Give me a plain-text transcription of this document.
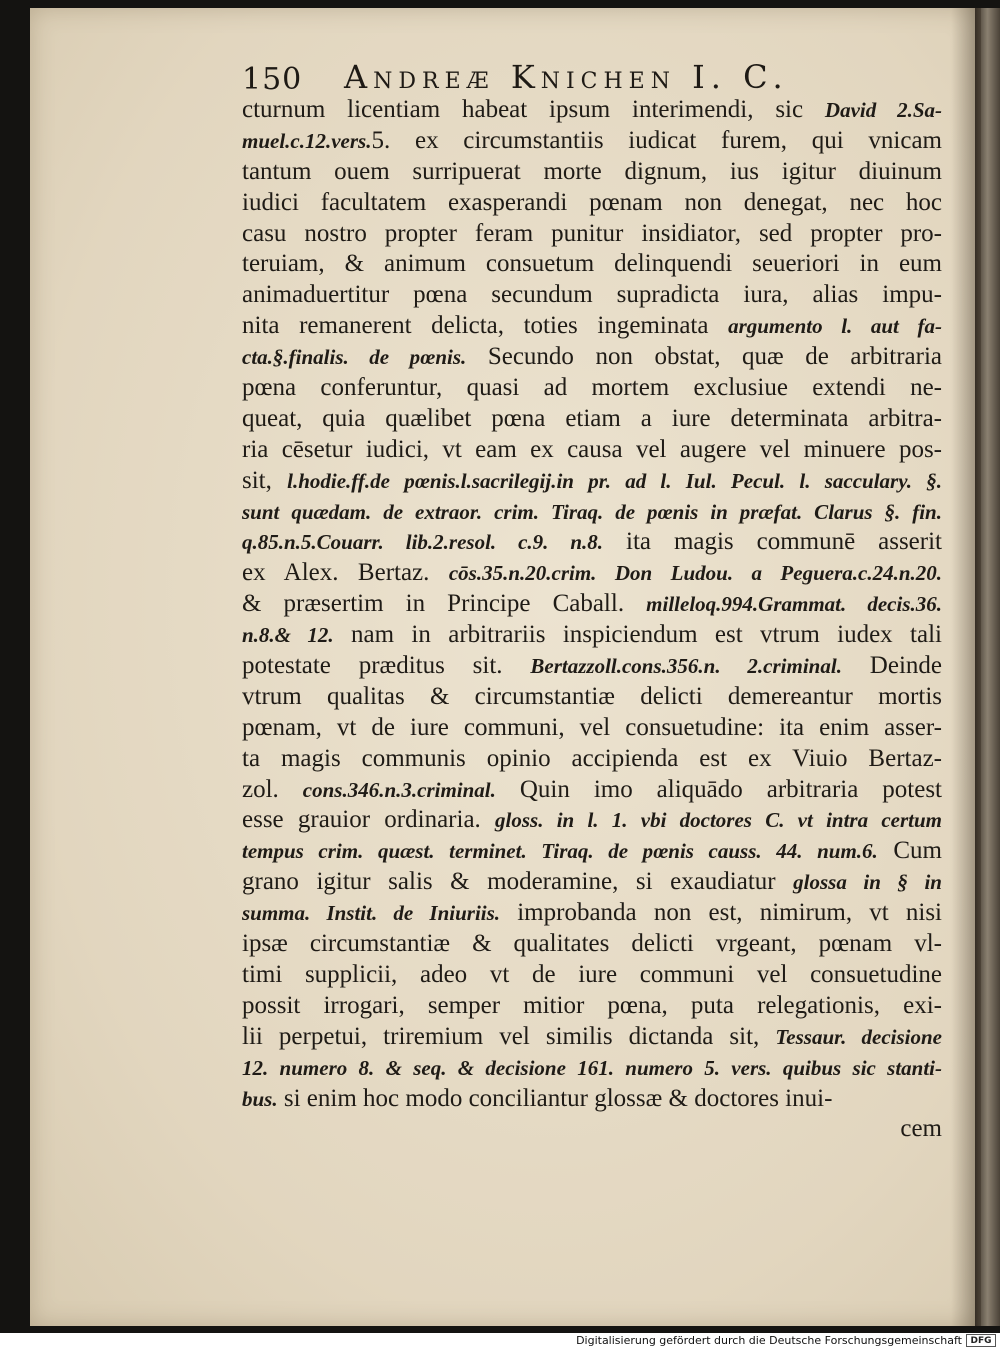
150 Andreæ Knichen I. C.
cturnum licentiam habeat ipsum interimendi, sic David 2.Sa-
muel.c.12.vers.5. ex circumstantiis iudicat furem, qui vnicam
tantum ouem surripuerat morte dignum, ius igitur diuinum
iudici facultatem exasperandi pœnam non denegat, nec hoc
casu nostro propter feram punitur insidiator, sed propter pro-
teruiam, & animum consuetum delinquendi seueriori in eum
animaduertitur pœna secundum supradicta iura, alias impu-
nita remanerent delicta, toties ingeminata argumento l. aut fa-
cta.§.finalis. de pœnis. Secundo non obstat, quæ de arbitraria
pœna conferuntur, quasi ad mortem exclusiue extendi ne-
queat, quia quælibet pœna etiam a iure determinata arbitra-
ria cēsetur iudici, vt eam ex causa vel augere vel minuere pos-
sit, l.hodie.ff.de pœnis.l.sacrilegij.in pr. ad l. Iul. Pecul. l. sacculary. §.
sunt quædam. de extraor. crim. Tiraq. de pœnis in præfat. Clarus §. fin.
q.85.n.5.Couarr. lib.2.resol. c.9. n.8. ita magis communē asserit
ex Alex. Bertaz. cōs.35.n.20.crim. Don Ludou. a Peguera.c.24.n.20.
& præsertim in Principe Caball. milleloq.994.Grammat. decis.36.
n.8.& 12. nam in arbitrariis inspiciendum est vtrum iudex tali
potestate præditus sit. Bertazzoll.cons.356.n. 2.criminal. Deinde
vtrum qualitas & circumstantiæ delicti demereantur mortis
pœnam, vt de iure communi, vel consuetudine: ita enim asser-
ta magis communis opinio accipienda est ex Viuio Bertaz-
zol. cons.346.n.3.criminal. Quin imo aliquādo arbitraria potest
esse grauior ordinaria. gloss. in l. 1. vbi doctores C. vt intra certum
tempus crim. quæst. terminet. Tiraq. de pœnis causs. 44. num.6. Cum
grano igitur salis & moderamine, si exaudiatur glossa in § in
summa. Instit. de Iniuriis. improbanda non est, nimirum, vt nisi
ipsæ circumstantiæ & qualitates delicti vrgeant, pœnam vl-
timi supplicii, adeo vt de iure communi vel consuetudine
possit irrogari, semper mitior pœna, puta relegationis, exi-
lii perpetui, triremium vel similis dictanda sit, Tessaur. decisione
12. numero 8. & seq. & decisione 161. numero 5. vers. quibus sic stanti-
bus. si enim hoc modo conciliantur glossæ & doctores inui-
cem
Digitalisierung gefördert durch die Deutsche Forschungsgemeinschaft DFG
